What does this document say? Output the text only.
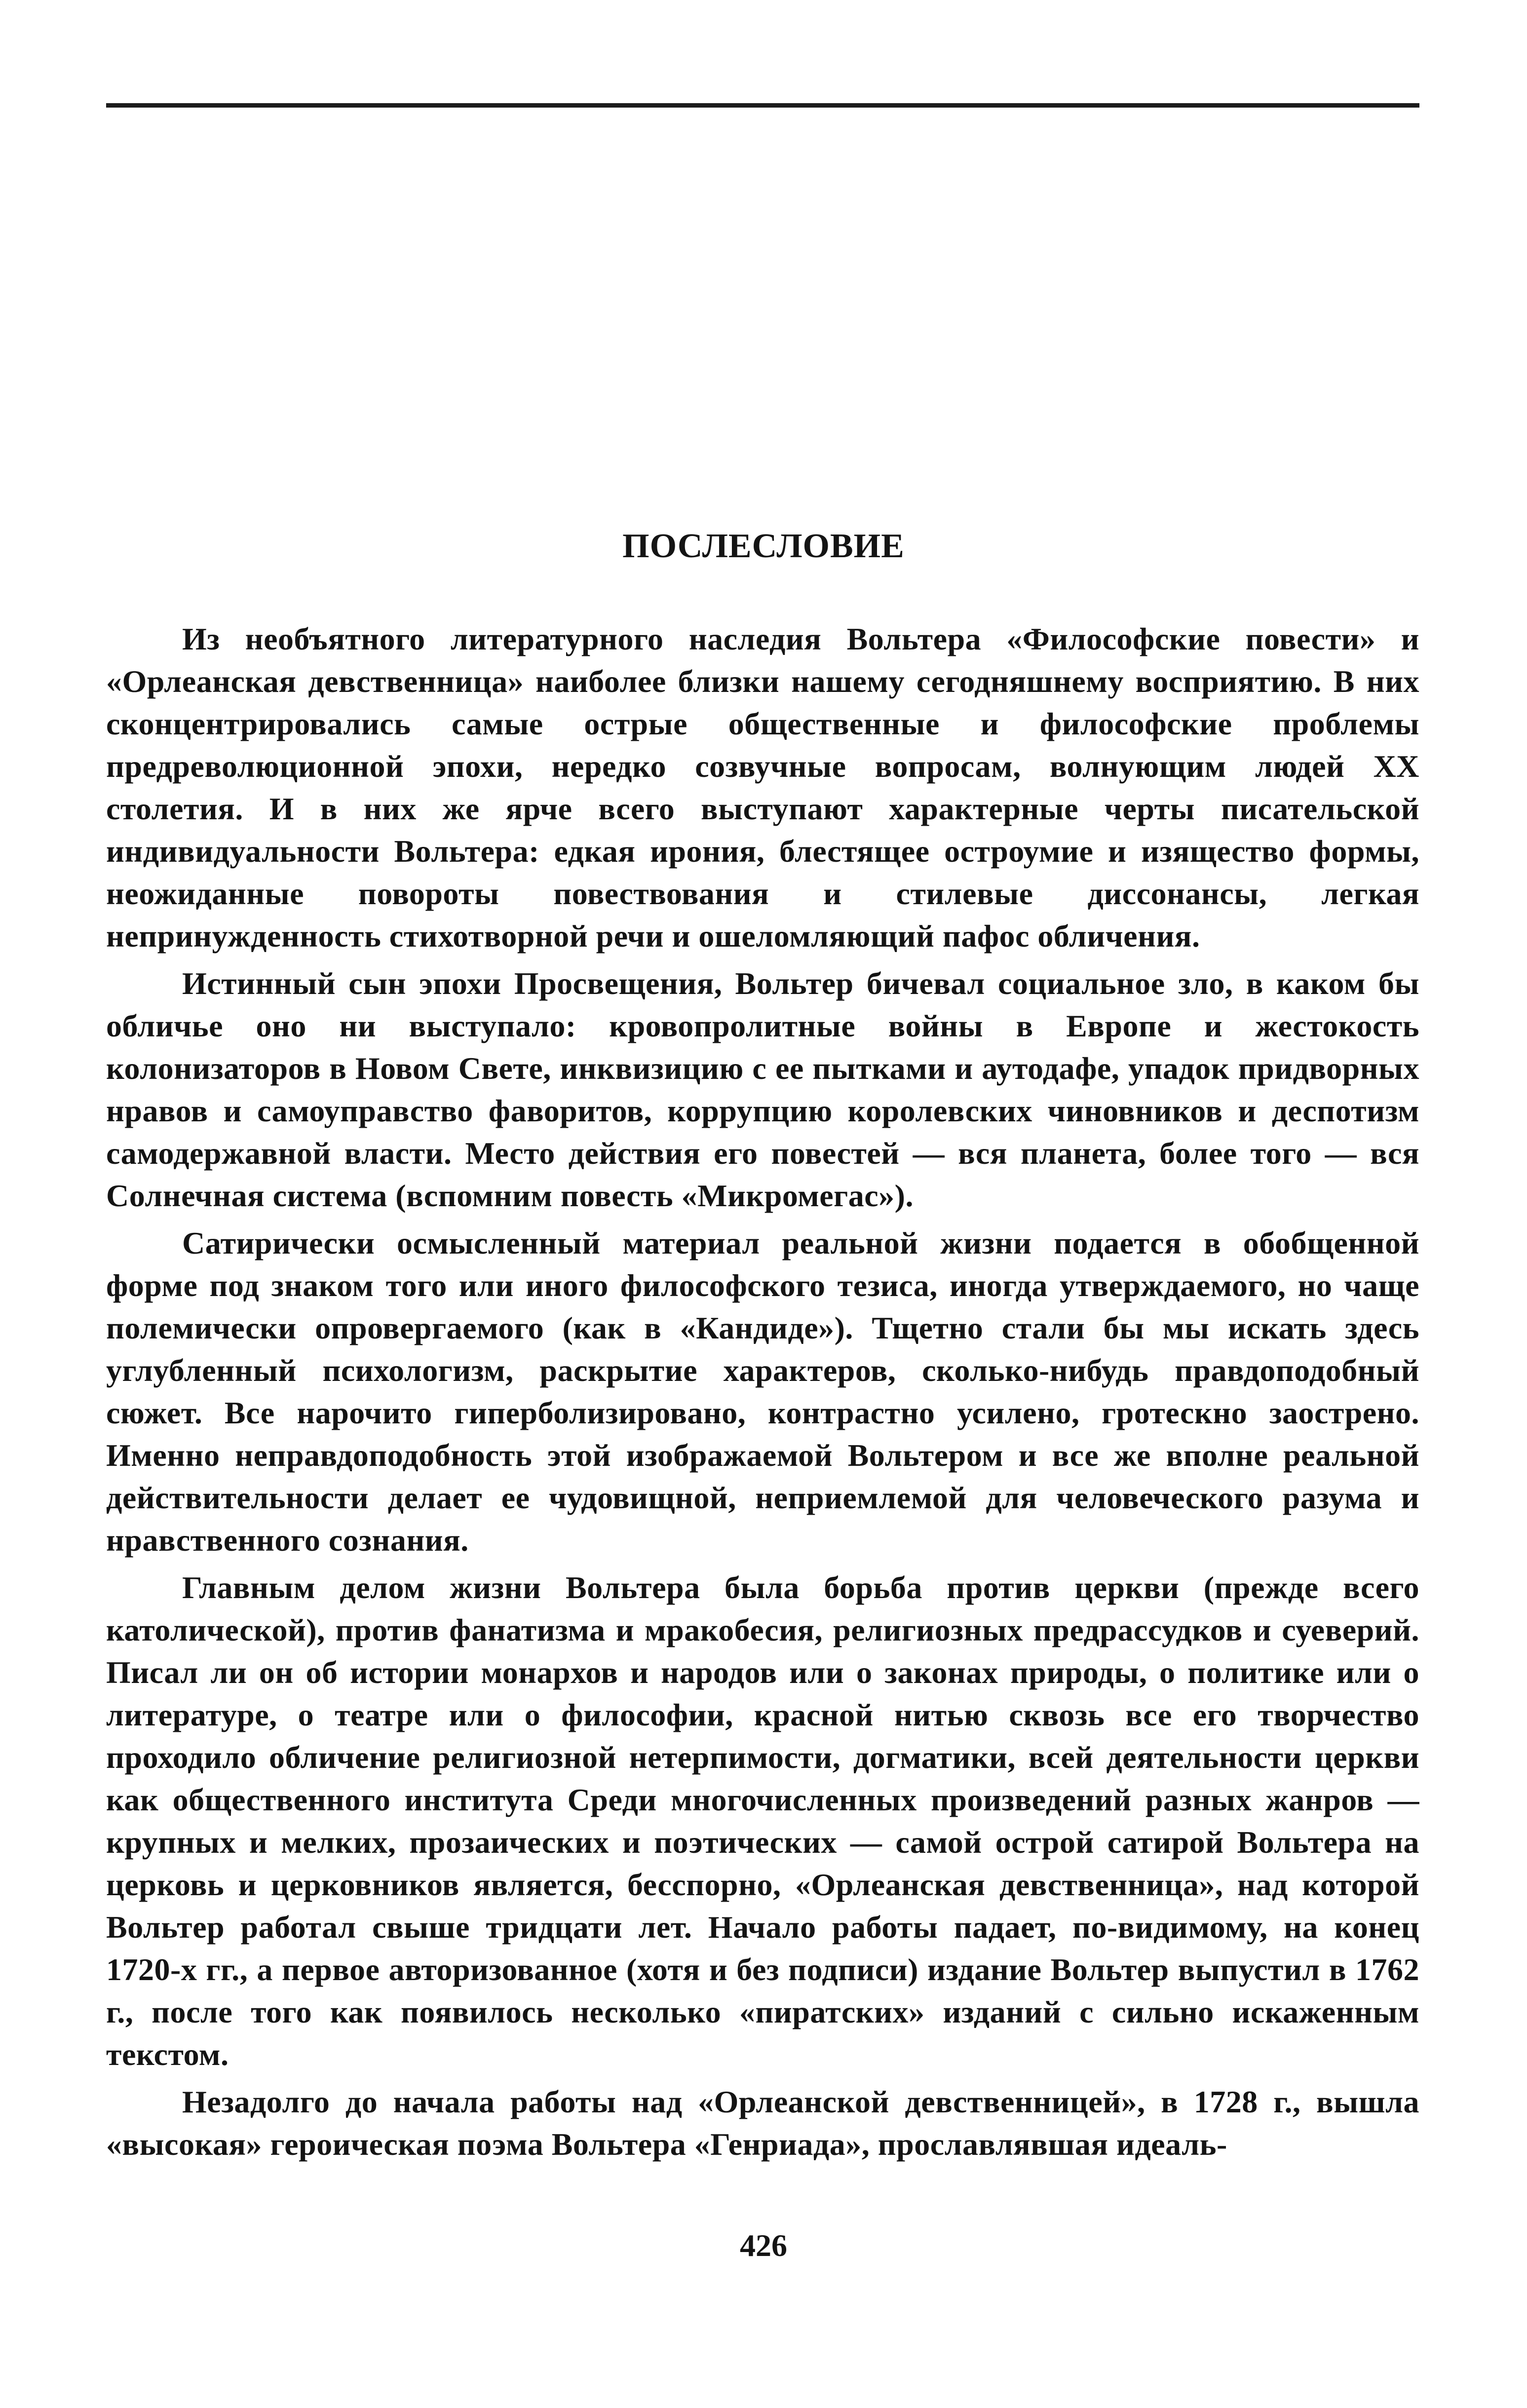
ПОСЛЕСЛОВИЕ

Из необъятного литературного наследия Вольтера «Философские повести» и «Орлеанская девственница» наиболее близки нашему сегодняшнему восприятию. В них сконцентрировались самые острые общественные и философские проблемы предреволюционной эпохи, нередко созвучные вопросам, волнующим людей XX столетия. И в них же ярче всего выступают характерные черты писательской индивидуальности Вольтера: едкая ирония, блестящее остроумие и изящество формы, неожиданные повороты повествования и стилевые диссонансы, легкая непринужденность стихотворной речи и ошеломляющий пафос обличения.

Истинный сын эпохи Просвещения, Вольтер бичевал социальное зло, в каком бы обличье оно ни выступало: кровопролитные войны в Европе и жестокость колонизаторов в Новом Свете, инквизицию с ее пытками и аутодафе, упадок придворных нравов и самоуправство фаворитов, коррупцию королевских чиновников и деспотизм самодержавной власти. Место действия его повестей — вся планета, более того — вся Солнечная система (вспомним повесть «Микромегас»).

Сатирически осмысленный материал реальной жизни подается в обобщенной форме под знаком того или иного философского тезиса, иногда утверждаемого, но чаще полемически опровергаемого (как в «Кандиде»). Тщетно стали бы мы искать здесь углубленный психологизм, раскрытие характеров, сколько-нибудь правдоподобный сюжет. Все нарочито гиперболизировано, контрастно усилено, гротескно заострено. Именно неправдоподобность этой изображаемой Вольтером и все же вполне реальной действительности делает ее чудовищной, неприемлемой для человеческого разума и нравственного сознания.

Главным делом жизни Вольтера была борьба против церкви (прежде всего католической), против фанатизма и мракобесия, религиозных предрассудков и суеверий. Писал ли он об истории монархов и народов или о законах природы, о политике или о литературе, о театре или о философии, красной нитью сквозь все его творчество проходило обличение религиозной нетерпимости, догматики, всей деятельности церкви как общественного института Среди многочисленных произведений разных жанров — крупных и мелких, прозаических и поэтических — самой острой сатирой Вольтера на церковь и церковников является, бесспорно, «Орлеанская девственница», над которой Вольтер работал свыше тридцати лет. Начало работы падает, по-видимому, на конец 1720-х гг., а первое авторизованное (хотя и без подписи) издание Вольтер выпустил в 1762 г., после того как появилось несколько «пиратских» изданий с сильно искаженным текстом.

Незадолго до начала работы над «Орлеанской девственницей», в 1728 г., вышла «высокая» героическая поэма Вольтера «Генриада», прославлявшая идеаль-

426
